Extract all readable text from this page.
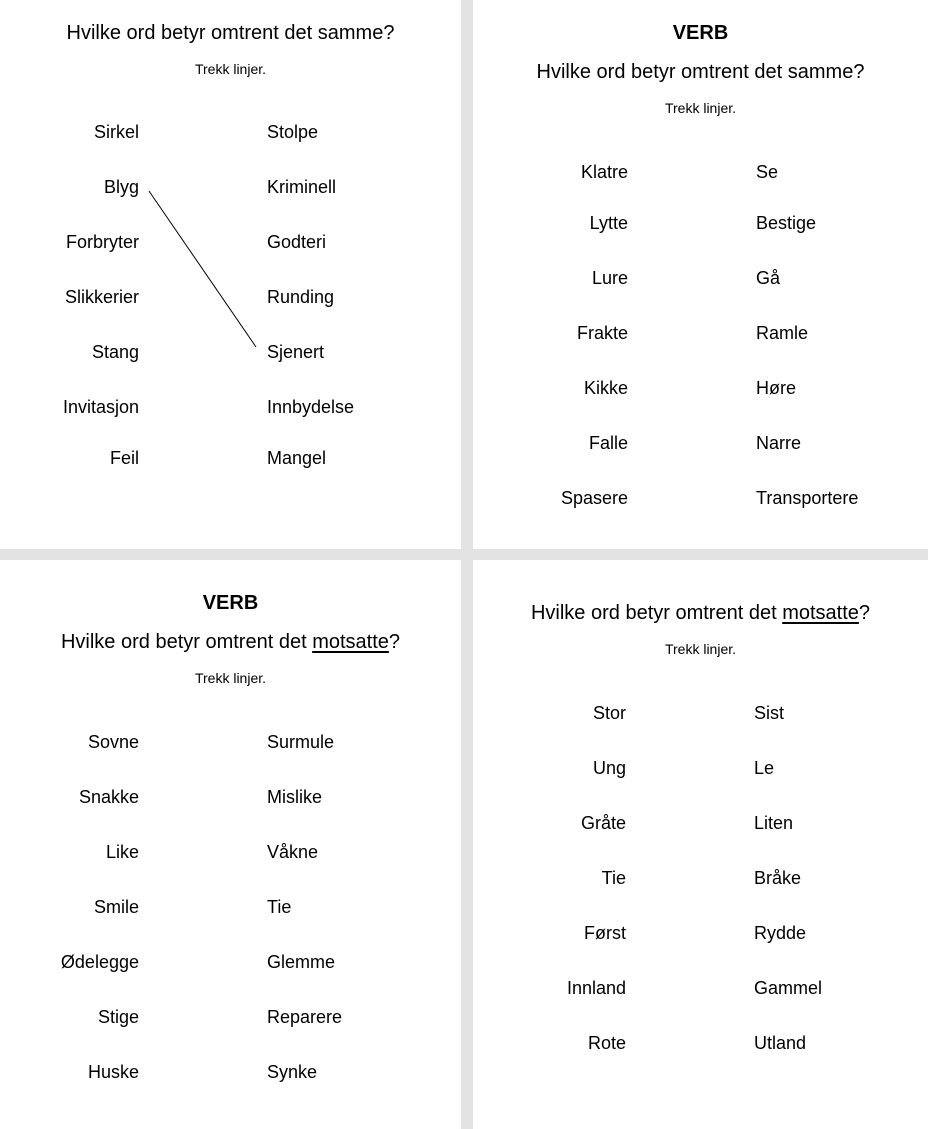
Hvilke ord betyr omtrent det samme?
Trekk linjer.
Sirkel
Blyg
Forbryter
Slikkerier
Stang
Invitasjon
Feil
Stolpe
Kriminell
Godteri
Runding
Sjenert
Innbydelse
Mangel
VERB
Hvilke ord betyr omtrent det samme?
Trekk linjer.
Klatre
Lytte
Lure
Frakte
Kikke
Falle
Spasere
Se
Bestige
Gå
Ramle
Høre
Narre
Transportere
VERB
Hvilke ord betyr omtrent det motsatte?
Trekk linjer.
Sovne
Snakke
Like
Smile
Ødelegge
Stige
Huske
Surmule
Mislike
Våkne
Tie
Glemme
Reparere
Synke
Hvilke ord betyr omtrent det motsatte?
Trekk linjer.
Stor
Ung
Gråte
Tie
Først
Innland
Rote
Sist
Le
Liten
Bråke
Rydde
Gammel
Utland
